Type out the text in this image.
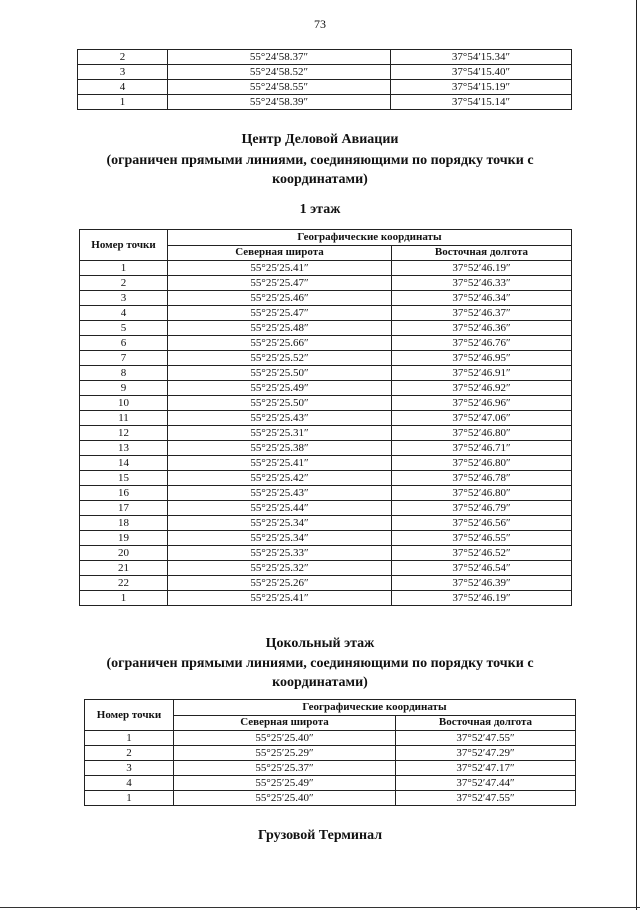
73
2	55°24′58.37″	37°54′15.34″
3	55°24′58.52″	37°54′15.40″
4	55°24′58.55″	37°54′15.19″
1	55°24′58.39″	37°54′15.14″
Центр Деловой Авиации
(ограничен прямыми линиями, соединяющими по порядку точки с
координатами)
1 этаж
Номер точки	Географические координаты	
	Северная широта	Восточная долгота
1	55°25′25.41″	37°52′46.19″
2	55°25′25.47″	37°52′46.33″
3	55°25′25.46″	37°52′46.34″
4	55°25′25.47″	37°52′46.37″
5	55°25′25.48″	37°52′46.36″
6	55°25′25.66″	37°52′46.76″
7	55°25′25.52″	37°52′46.95″
8	55°25′25.50″	37°52′46.91″
9	55°25′25.49″	37°52′46.92″
10	55°25′25.50″	37°52′46.96″
11	55°25′25.43″	37°52′47.06″
12	55°25′25.31″	37°52′46.80″
13	55°25′25.38″	37°52′46.71″
14	55°25′25.41″	37°52′46.80″
15	55°25′25.42″	37°52′46.78″
16	55°25′25.43″	37°52′46.80″
17	55°25′25.44″	37°52′46.79″
18	55°25′25.34″	37°52′46.56″
19	55°25′25.34″	37°52′46.55″
20	55°25′25.33″	37°52′46.52″
21	55°25′25.32″	37°52′46.54″
22	55°25′25.26″	37°52′46.39″
1	55°25′25.41″	37°52′46.19″
Цокольный этаж
(ограничен прямыми линиями, соединяющими по порядку точки с
координатами)
Номер точки	Географические координаты	
	Северная широта	Восточная долгота
1	55°25′25.40″	37°52′47.55″
2	55°25′25.29″	37°52′47.29″
3	55°25′25.37″	37°52′47.17″
4	55°25′25.49″	37°52′47.44″
1	55°25′25.40″	37°52′47.55″
Грузовой Терминал
